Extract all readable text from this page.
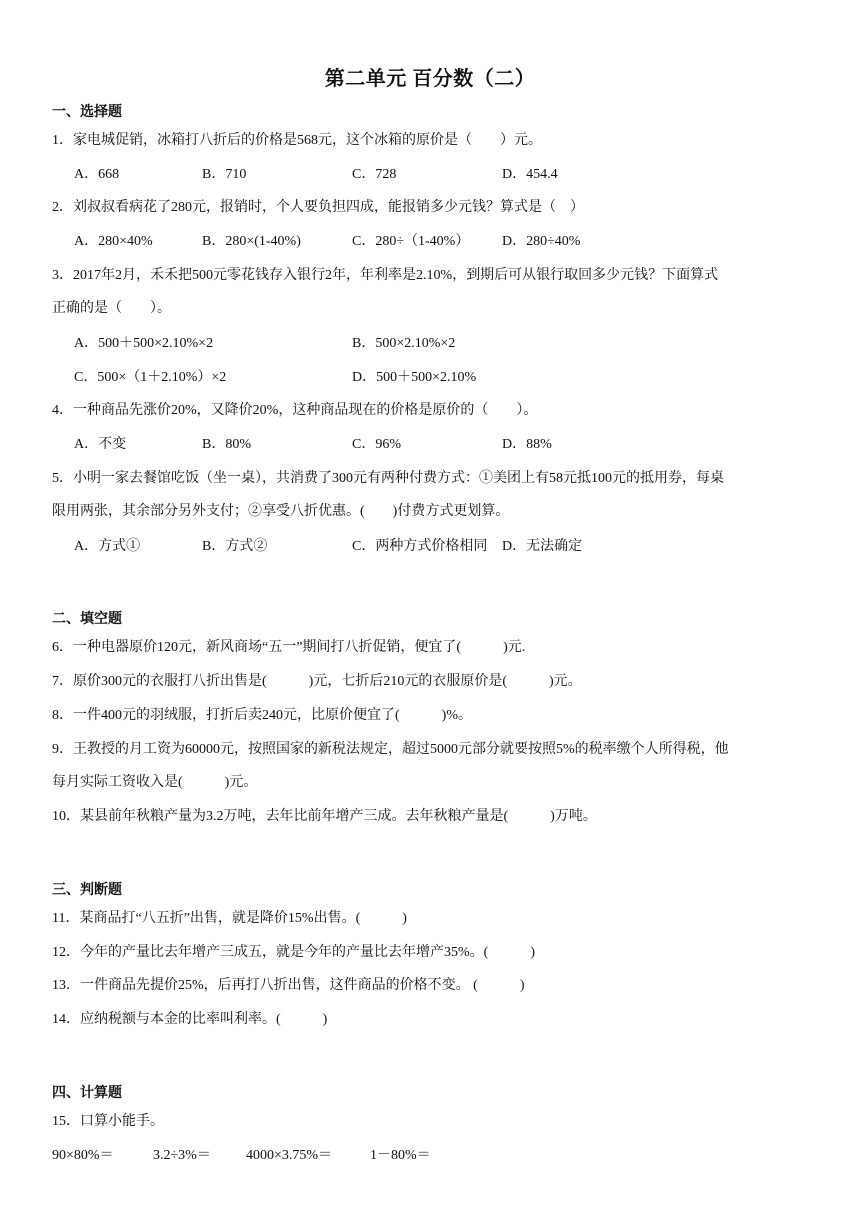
第二单元 百分数（二）
一、选择题
1．家电城促销，冰箱打八折后的价格是568元，这个冰箱的原价是（　　）元。
A．668	B．710	C．728	D．454.4
2．刘叔叔看病花了280元，报销时，个人要负担四成，能报销多少元钱？算式是（　）
A．280×40%	B．280×(1-40%)	C．280÷（1-40%） D．280÷40%
3．2017年2月，禾禾把500元零花钱存入银行2年，年利率是2.10%，到期后可从银行取回多少元钱？下面算式
正确的是（　　）。
A．500＋500×2.10%×2	B．500×2.10%×2
C．500×（1＋2.10%）×2	D．500＋500×2.10%
4．一种商品先涨价20%，又降价20%，这种商品现在的价格是原价的（　　）。
A．不变	B．80%	C．96%	D．88%
5．小明一家去餐馆吃饭（坐一桌），共消费了300元有两种付费方式：①美团上有58元抵100元的抵用券，每桌
限用两张，其余部分另外支付；②享受八折优惠。(　　)付费方式更划算。
A．方式①	B．方式②	C．两种方式价格相同 D．无法确定
二、填空题
6．一种电器原价120元，新风商场“五一”期间打八折促销，便宜了(　　　)元.
7．原价300元的衣服打八折出售是(　　　)元，七折后210元的衣服原价是(　　　)元。
8．一件400元的羽绒服，打折后卖240元，比原价便宜了(　　　)%。
9．王教授的月工资为60000元，按照国家的新税法规定，超过5000元部分就要按照5%的税率缴个人所得税，他
每月实际工资收入是(　　　)元。
10．某县前年秋粮产量为3.2万吨，去年比前年增产三成。去年秋粮产量是(　　　)万吨。
三、判断题
11．某商品打“八五折”出售，就是降价15%出售。(　　　)
12．今年的产量比去年增产三成五，就是今年的产量比去年增产35%。(　　　)
13．一件商品先提价25%，后再打八折出售，这件商品的价格不变。 (　　　)
14．应纳税额与本金的比率叫利率。(　　　)
四、计算题
15．口算小能手。
90×80%＝	3.2÷3%＝	4000×3.75%＝	1－80%＝
